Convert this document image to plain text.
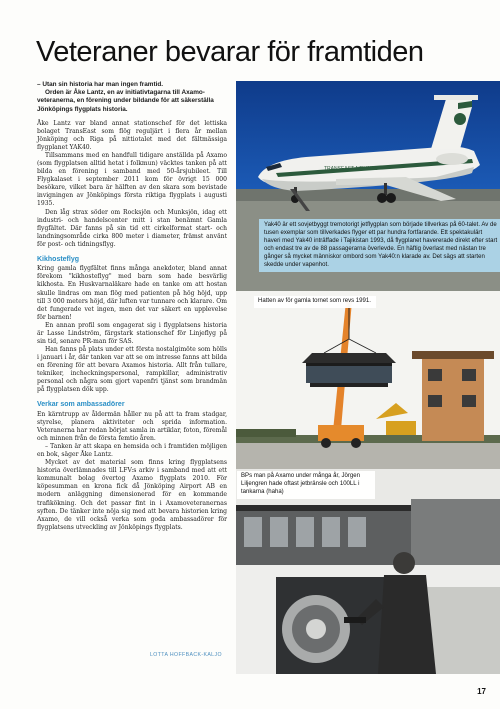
Veteraner bevarar för framtiden
– Utan sin historia har man ingen framtid.
Orden är Åke Lantz, en av initiativtagarna till Axamo-veteranerna, en förening under bildande för att säkerställa Jönköpings flygplats historia.

Åke Lantz var bland annat stationschef för det lettiska bolaget TransEast som flög reguljärt i flera år mellan Jönköping och Riga på nittiotalet med det fältmässiga flygplanet YAK40.

Tillsammans med en handfull tidigare anställda på Axamo (som flygplatsen alltid hetat i folkmun) väcktes tanken på att bilda en förening i samband med 50-årsjubileet. Till Flygkalaset i september 2011 kom för övrigt 15 000 besökare, vilket bara är hälften av den skara som bevistade invigningen av Jönköpings första riktiga flygplats i augusti 1935.

Den låg strax söder om Rocksjön och Munksjön, idag ett industri- och handelscenter mitt i stan benämnt Gamla flygfältet. Där fanns på sin tid ett cirkelformat start- och landningsområde cirka 800 meter i diameter, främst använt för post- och tidningsflyg.

Kikhosteflyg

Kring gamla flygfältet finns många anekdoter, bland annat förekom "kikhosteflyg" med barn som hade besvärlig kikhosta. En Huskvarnaläkare hade en tanke om att hostan skulle lindras om man flög med patienten på hög höjd, upp till 3 000 meters höjd, där luften var tunnare och klarare. Om det fungerade vet ingen, men det var säkert en upplevelse för barnen!

En annan profil som engagerat sig i flygplatsens historia är Lasse Lindström, färgstark stationschef för Linjeflyg på sin tid, senare PR-man för SAS.

Han fanns på plats under ett första nostalgimöte som hölls i januari i år, där tanken var att se om intresse fanns att bilda en förening för att bevara Axamos historia. Allt från tullare, tekniker, incheckningspersonal, rampkillar, administrativ personal och några som gjort vapenfri tjänst som brandmän på flygplatsen dök upp.

Verkar som ambassadörer

En kärntrupp av åldermän håller nu på att ta fram stadgar, styrelse, planera aktiviteter och sprida information. Veteranerna har redan börjat samla in artiklar, foton, föremål och minnen från de första femtio åren.

– Tanken är att skapa en hemsida och i framtiden möjligen en bok, säger Åke Lantz.

Mycket av det material som finns kring flygplatsens historia överlämnades till LFV:s arkiv i samband med att ett kommunalt bolag övertog Axamo flygplats 2010. För köpesumman en krona fick då Jönköping Airport AB en modern anläggning dimensionerad för en kommande trafikökning. Och det passar fint in i Axamoveteranernas syften. De tänker inte nöja sig med att bevara historien kring Axamo, de vill också verka som goda ambassadörer för flygplatsens utveckling av Jönköpings flygplats.

LOTTA HOFFBACK-KALJO
TRANSEAST AIRLINES
Yak40 är ett sovjetbyggt tremotorigt jetflygplan som började tillverkas på 60-talet. Av de tusen exemplar som tillverkades flyger ett par hundra fortfarande. Ett spektakulärt haveri med Yak40 inträffade i Tajikistan 1993, då flygplanet havererade direkt efter start och endast tre av de 88 passagerarna överlevde. En häftig överlast med nästan tre gånger så mycket människor ombord som Yak40:n klarade av. Det sägs att starten skedde under vapenhot.
Hatten av för gamla tornet som revs 1991.
BPs man på Axamo under många år, Jörgen Liljengren hade oftast jetbränsle och 100LL i tankarna (haha)
17
